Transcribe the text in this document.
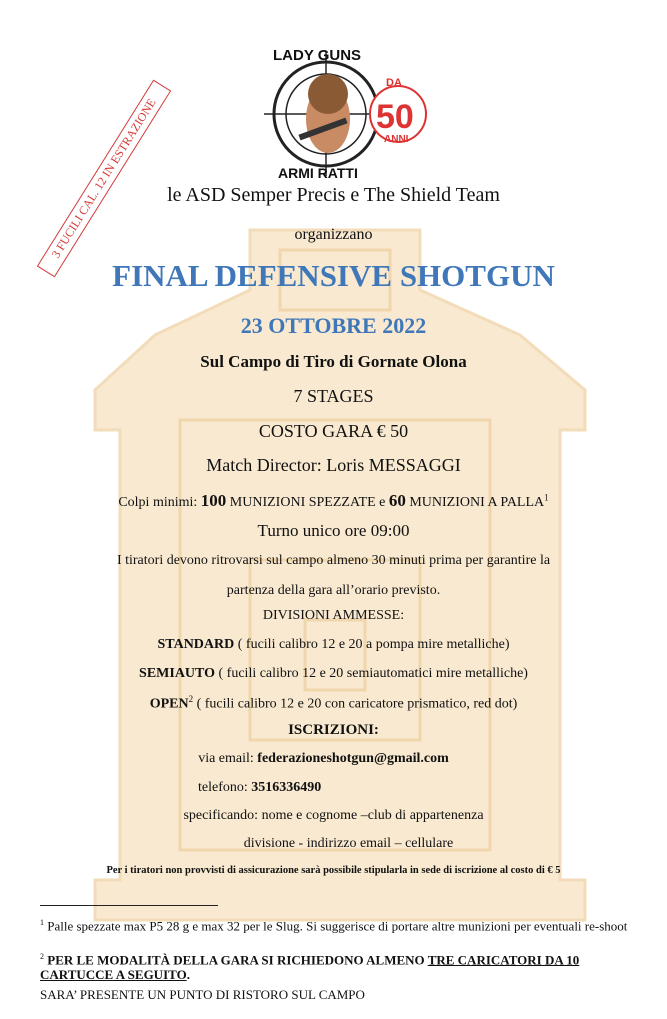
3 FUCILI CAL. 12 IN ESTRAZIONE
LADY GUNS
ARMI RATTI
DA
50
ANNI
le ASD Semper Precis e The Shield Team
organizzano
FINAL DEFENSIVE SHOTGUN
23 OTTOBRE 2022
Sul Campo di Tiro di Gornate Olona
7 STAGES
COSTO GARA € 50
Match Director: Loris MESSAGGI
Colpi minimi: 100 MUNIZIONI SPEZZATE e 60 MUNIZIONI A PALLA$^1$
Turno unico ore 09:00
I tiratori devono ritrovarsi sul campo almeno 30 minuti prima per garantire la
partenza della gara all’orario previsto.
DIVISIONI AMMESSE:
STANDARD ( fucili calibro 12 e 20 a pompa mire metalliche)
SEMIAUTO ( fucili calibro 12 e 20 semiautomatici mire metalliche)
OPEN$^2$ ( fucili calibro 12 e 20 con caricatore prismatico, red dot)
ISCRIZIONI:
via email: federazioneshotgun@gmail.com
telefono: 3516336490
specificando: nome e cognome –club di appartenenza
divisione - indirizzo email – cellulare
Per i tiratori non provvisti di assicurazione sarà possibile stipularla in sede di iscrizione al costo di € 5
$^1$ Palle spezzate max P5 28 g e max 32 per le Slug. Si suggerisce di portare altre munizioni per eventuali re-shoot
$^2$ PER LE MODALITÀ DELLA GARA SI RICHIEDONO ALMENO TRE CARICATORI DA 10 CARTUCCE A SEGUITO.
SARA’ PRESENTE UN PUNTO DI RISTORO SUL CAMPO
